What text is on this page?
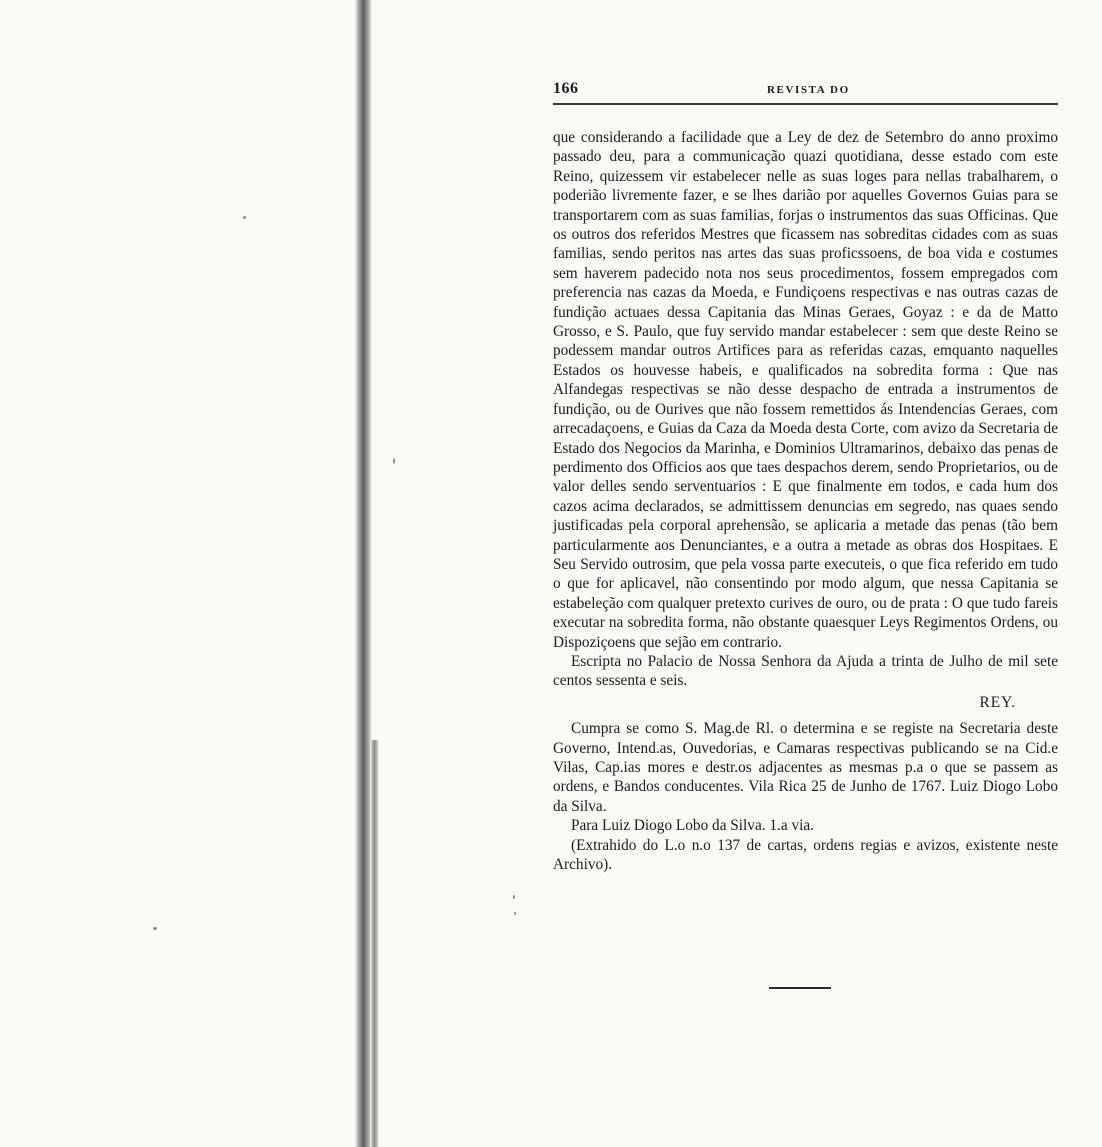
166	REVISTA DO

que considerando a facilidade que a Ley de dez de Setembro do anno proximo passado deu, para a communicação quazi quotidiana, desse estado com este Reino, quizessem vir estabelecer nelle as suas loges para nellas trabalharem, o poderião livremente fazer, e se lhes darião por aquelles Governos Guias para se transportarem com as suas familias, forjas o instrumentos das suas Officinas. Que os outros dos referidos Mestres que ficassem nas sobreditas cidades com as suas familias, sendo peritos nas artes das suas proficssoens, de boa vida e costumes sem haverem padecido nota nos seus procedimentos, fossem empregados com preferencia nas cazas da Moeda, e Fundiçoens respectivas e nas outras cazas de fundição actuaes dessa Capitania das Minas Geraes, Goyaz : e da de Matto Grosso, e S. Paulo, que fuy servido mandar estabelecer : sem que deste Reino se podessem mandar outros Artifices para as referidas cazas, emquanto naquelles Estados os houvesse habeis, e qualificados na sobredita forma : Que nas Alfandegas respectivas se não desse despacho de entrada a instrumentos de fundição, ou de Ourives que não fossem remettidos ás Intendencias Geraes, com arrecadaçoens, e Guias da Caza da Moeda desta Corte, com avizo da Secretaria de Estado dos Negocios da Marinha, e Dominios Ultramarinos, debaixo das penas de perdimento dos Officios aos que taes despachos derem, sendo Proprietarios, ou de valor delles sendo serventuarios : E que finalmente em todos, e cada hum dos cazos acima declarados, se admittissem denuncias em segredo, nas quaes sendo justificadas pela corporal aprehensão, se aplicaria a metade das penas (tão bem particularmente aos Denunciantes, e a outra a metade as obras dos Hospitaes. E Seu Servido outrosim, que pela vossa parte executeis, o que fica referido em tudo o que for aplicavel, não consentindo por modo algum, que nessa Capitania se estabeleção com qualquer pretexto curives de ouro, ou de prata : O que tudo fareis executar na sobredita forma, não obstante quaesquer Leys Regimentos Ordens, ou Dispoziçoens que sejão em contrario.

Escripta no Palacio de Nossa Senhora da Ajuda a trinta de Julho de mil sete centos sessenta e seis.

REY.

Cumpra se como S. Mag.de Rl. o determina e se registe na Secretaria deste Governo, Intend.as, Ouvedorias, e Camaras respectivas publicando se na Cid.e Vilas, Cap.ias mores e destr.os adjacentes as mesmas p.a o que se passem as ordens, e Bandos conducentes. Vila Rica 25 de Junho de 1767. Luiz Diogo Lobo da Silva.

Para Luiz Diogo Lobo da Silva. 1.a via.

(Extrahido do L.o n.o 137 de cartas, ordens regias e avizos, existente neste Archivo).
